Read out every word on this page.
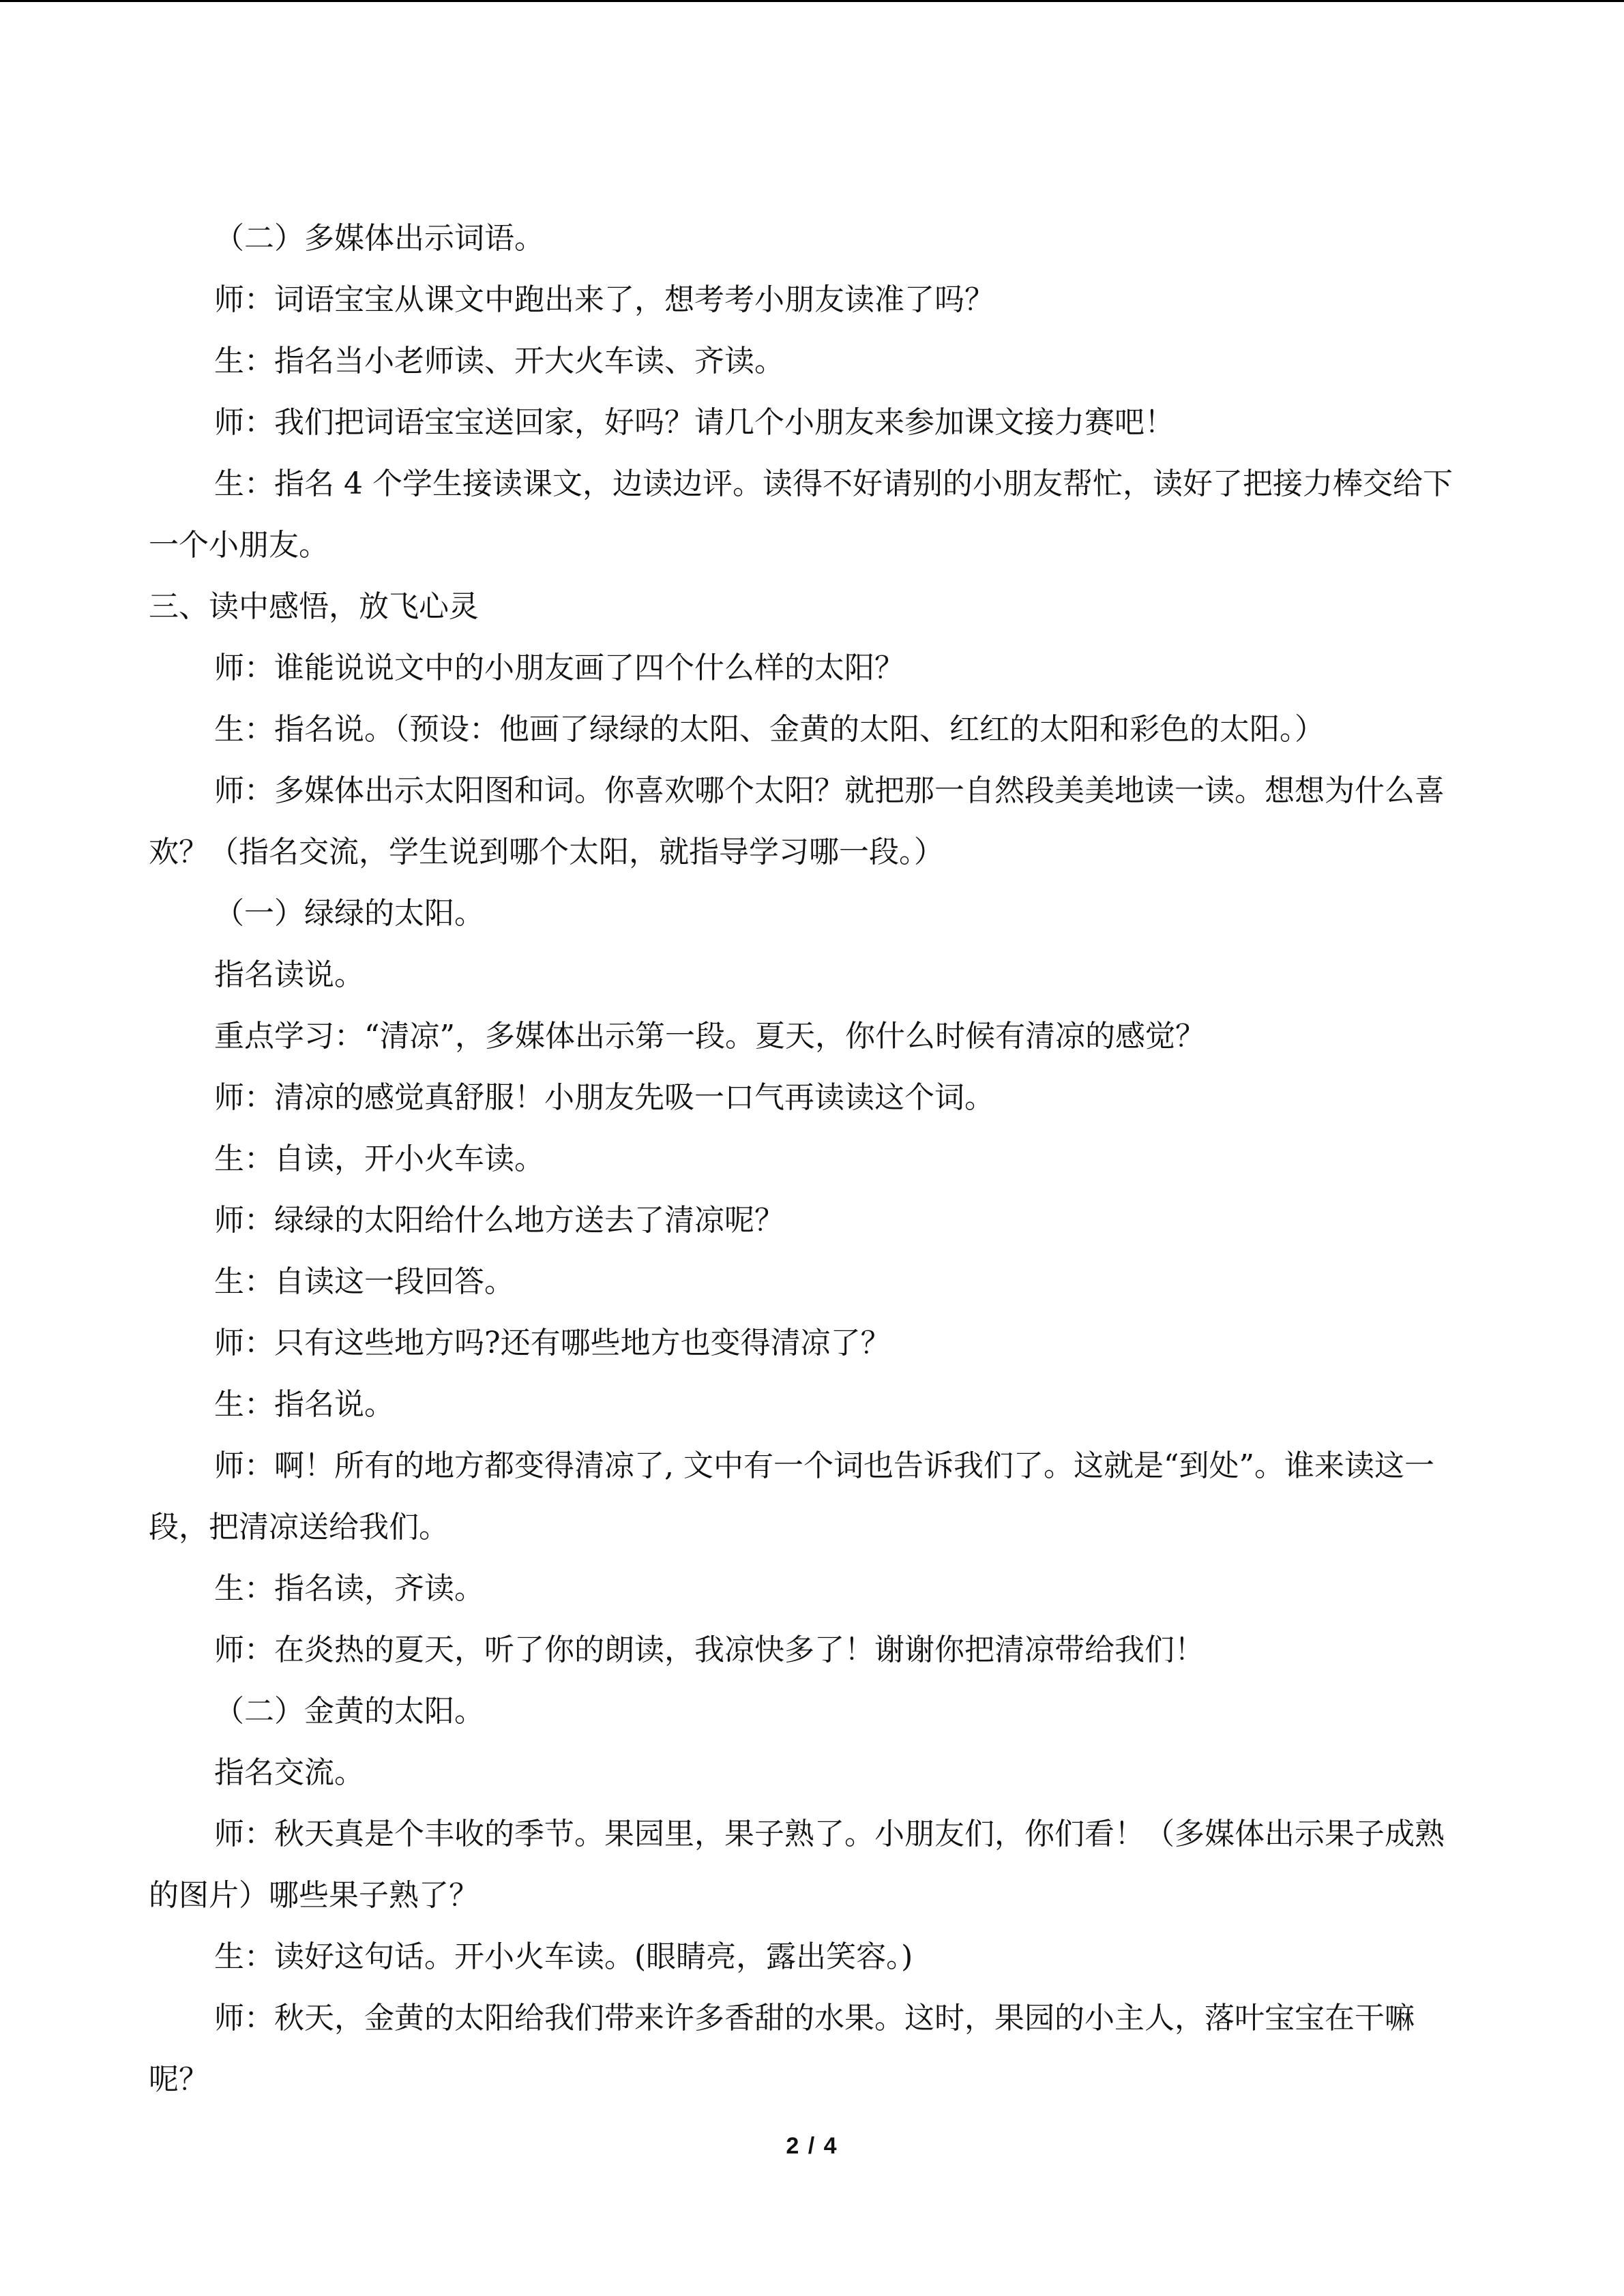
（二）多媒体出示词语。

师：词语宝宝从课文中跑出来了，想考考小朋友读准了吗？

生：指名当小老师读、开大火车读、齐读。

师：我们把词语宝宝送回家，好吗？请几个小朋友来参加课文接力赛吧！

生：指名 4 个学生接读课文，边读边评。读得不好请别的小朋友帮忙，读好了把接力棒交给下一个小朋友。

三、读中感悟，放飞心灵

师：谁能说说文中的小朋友画了四个什么样的太阳？

生：指名说。（预设：他画了绿绿的太阳、金黄的太阳、红红的太阳和彩色的太阳。）

师：多媒体出示太阳图和词。你喜欢哪个太阳？就把那一自然段美美地读一读。想想为什么喜欢？（指名交流，学生说到哪个太阳，就指导学习哪一段。）

（一）绿绿的太阳。

指名读说。

重点学习：“清凉”，多媒体出示第一段。夏天，你什么时候有清凉的感觉？

师：清凉的感觉真舒服！小朋友先吸一口气再读读这个词。

生：自读，开小火车读。

师：绿绿的太阳给什么地方送去了清凉呢？

生：自读这一段回答。

师：只有这些地方吗?还有哪些地方也变得清凉了？

生：指名说。

师：啊！所有的地方都变得清凉了, 文中有一个词也告诉我们了。这就是“到处”。谁来读这一段，把清凉送给我们。

生：指名读，齐读。

师：在炎热的夏天，听了你的朗读，我凉快多了！谢谢你把清凉带给我们！

（二）金黄的太阳。

指名交流。

师：秋天真是个丰收的季节。果园里，果子熟了。小朋友们，你们看！（多媒体出示果子成熟的图片）哪些果子熟了？

生：读好这句话。开小火车读。(眼睛亮，露出笑容。)

师：秋天，金黄的太阳给我们带来许多香甜的水果。这时，果园的小主人，落叶宝宝在干嘛呢？

2 / 4
